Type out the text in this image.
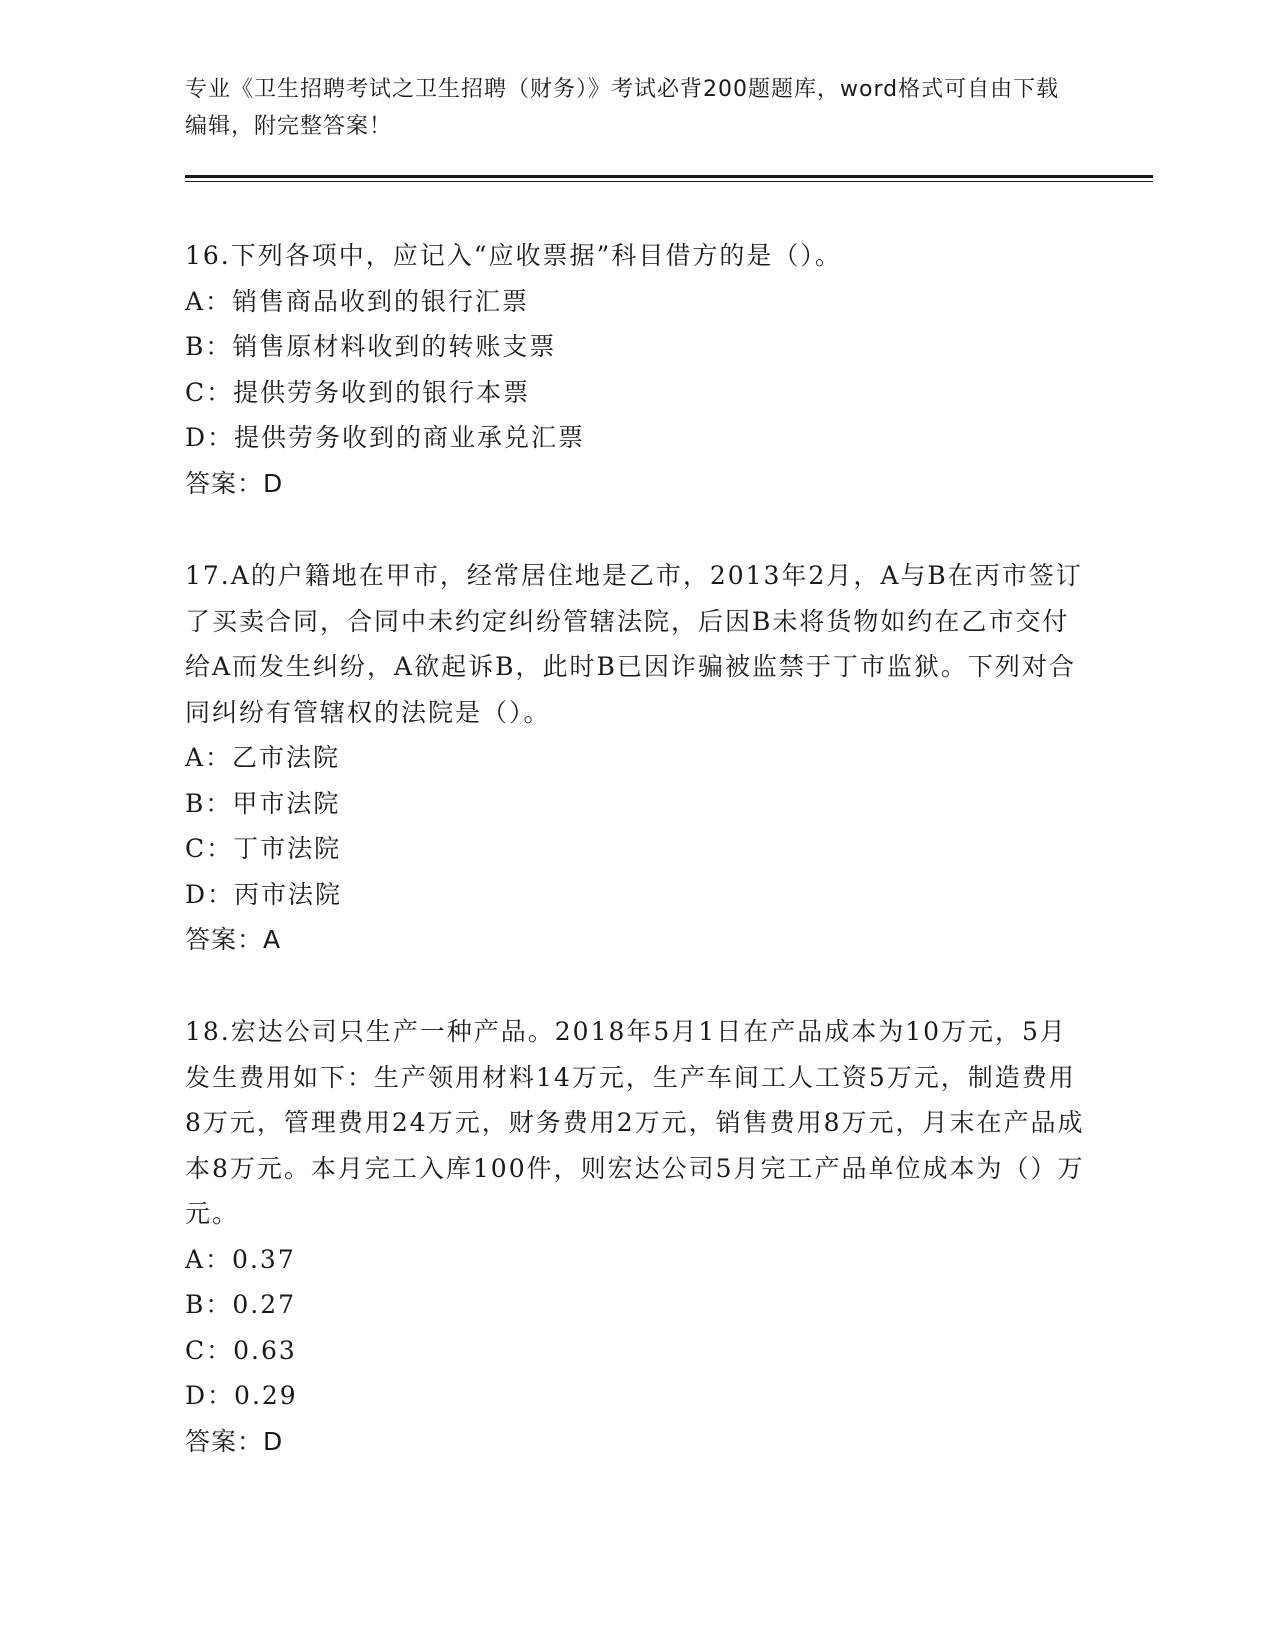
专业《卫生招聘考试之卫生招聘（财务）》考试必背200题题库，word格式可自由下载编辑，附完整答案！

16.下列各项中，应记入“应收票据”科目借方的是（）。

A：销售商品收到的银行汇票

B：销售原材料收到的转账支票

C：提供劳务收到的银行本票

D：提供劳务收到的商业承兑汇票

答案：D

17.A的户籍地在甲市，经常居住地是乙市，2013年2月，A与B在丙市签订了买卖合同，合同中未约定纠纷管辖法院，后因B未将货物如约在乙市交付给A而发生纠纷，A欲起诉B，此时B已因诈骗被监禁于丁市监狱。下列对合同纠纷有管辖权的法院是（）。

A：乙市法院

B：甲市法院

C：丁市法院

D：丙市法院

答案：A

18.宏达公司只生产一种产品。2018年5月1日在产品成本为10万元，5月发生费用如下：生产领用材料14万元，生产车间工人工资5万元，制造费用8万元，管理费用24万元，财务费用2万元，销售费用8万元，月末在产品成本8万元。本月完工入库100件，则宏达公司5月完工产品单位成本为（）万元。

A：0.37

B：0.27

C：0.63

D：0.29

答案：D
